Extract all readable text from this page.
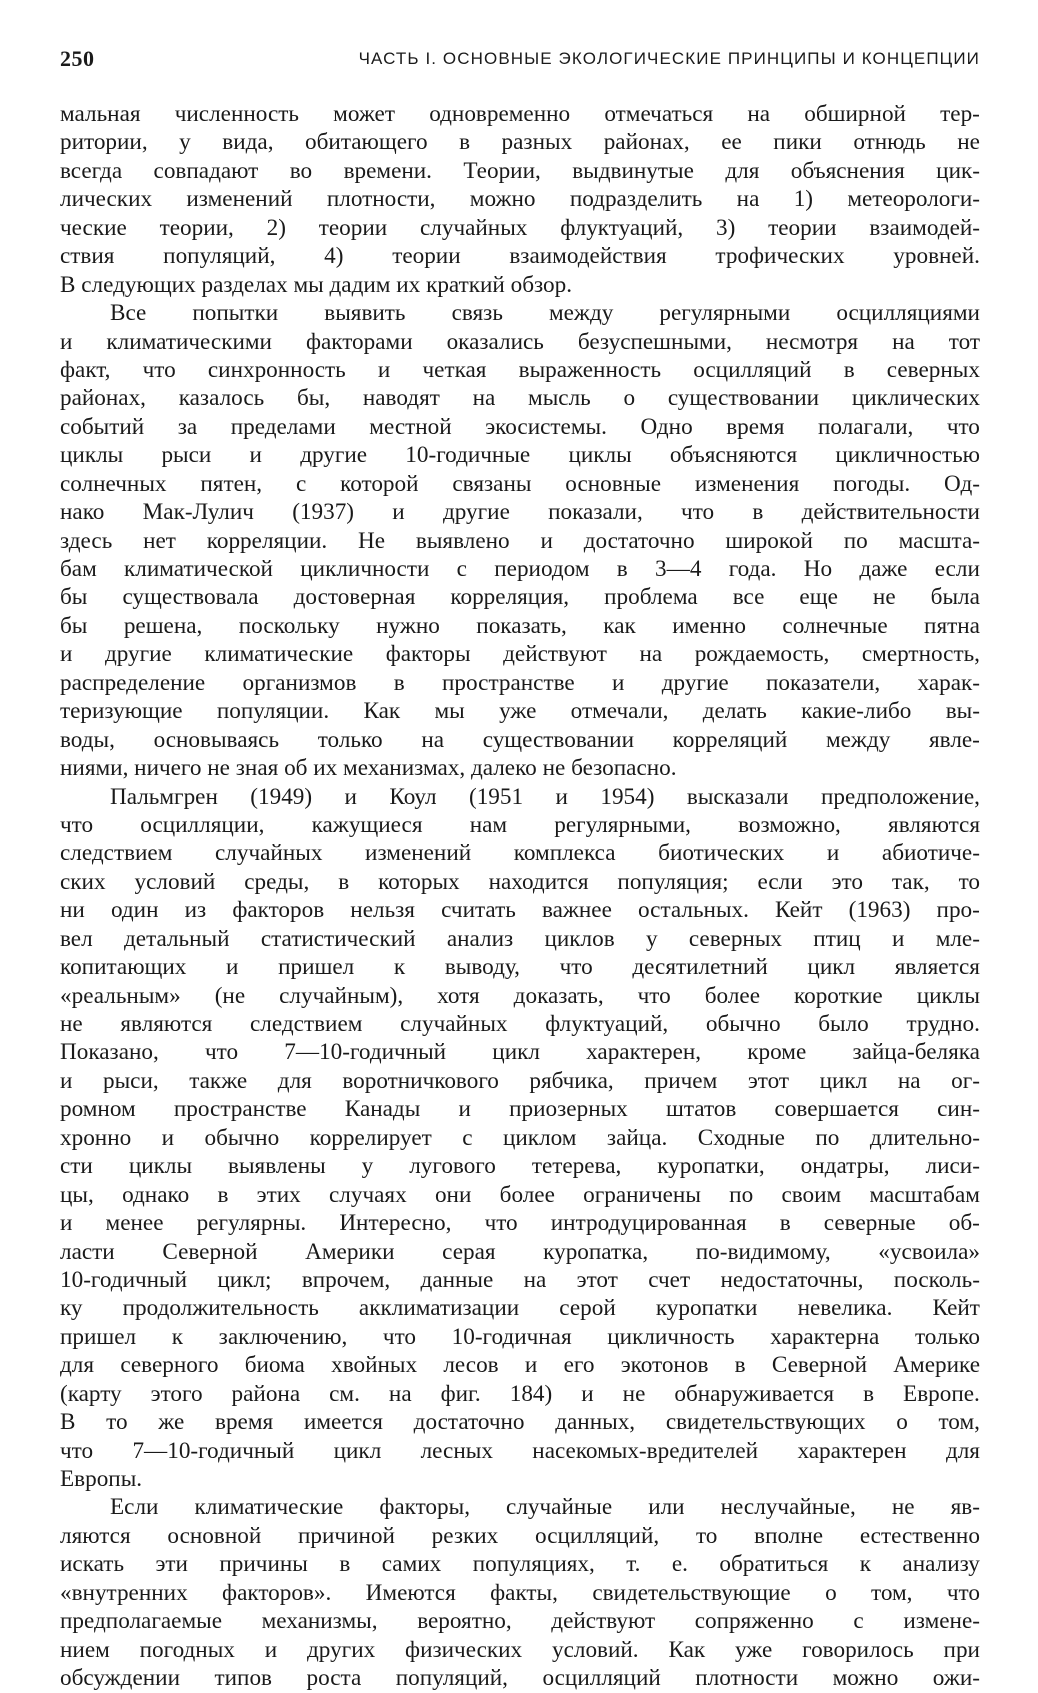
250	ЧАСТЬ I. ОСНОВНЫЕ ЭКОЛОГИЧЕСКИЕ ПРИНЦИПЫ И КОНЦЕПЦИИ
мальная численность может одновременно отмечаться на обширной тер-
ритории, у вида, обитающего в разных районах, ее пики отнюдь не
всегда совпадают во времени. Теории, выдвинутые для объяснения цик-
лических изменений плотности, можно подразделить на 1) метеорологи-
ческие теории, 2) теории случайных флуктуаций, 3) теории взаимодей-
ствия популяций, 4) теории взаимодействия трофических уровней.
В следующих разделах мы дадим их краткий обзор.
Все попытки выявить связь между регулярными осцилляциями
и климатическими факторами оказались безуспешными, несмотря на тот
факт, что синхронность и четкая выраженность осцилляций в северных
районах, казалось бы, наводят на мысль о существовании циклических
событий за пределами местной экосистемы. Одно время полагали, что
циклы рыси и другие 10-годичные циклы объясняются цикличностью
солнечных пятен, с которой связаны основные изменения погоды. Од-
нако Мак-Лулич (1937) и другие показали, что в действительности
здесь нет корреляции. Не выявлено и достаточно широкой по масшта-
бам климатической цикличности с периодом в 3—4 года. Но даже если
бы существовала достоверная корреляция, проблема все еще не была
бы решена, поскольку нужно показать, как именно солнечные пятна
и другие климатические факторы действуют на рождаемость, смертность,
распределение организмов в пространстве и другие показатели, харак-
теризующие популяции. Как мы уже отмечали, делать какие-либо вы-
воды, основываясь только на существовании корреляций между явле-
ниями, ничего не зная об их механизмах, далеко не безопасно.
Пальмгрен (1949) и Коул (1951 и 1954) высказали предположение,
что осцилляции, кажущиеся нам регулярными, возможно, являются
следствием случайных изменений комплекса биотических и абиотиче-
ских условий среды, в которых находится популяция; если это так, то
ни один из факторов нельзя считать важнее остальных. Кейт (1963) про-
вел детальный статистический анализ циклов у северных птиц и мле-
копитающих и пришел к выводу, что десятилетний цикл является
«реальным» (не случайным), хотя доказать, что более короткие циклы
не являются следствием случайных флуктуаций, обычно было трудно.
Показано, что 7—10-годичный цикл характерен, кроме зайца-беляка
и рыси, также для воротничкового рябчика, причем этот цикл на ог-
ромном пространстве Канады и приозерных штатов совершается син-
хронно и обычно коррелирует с циклом зайца. Сходные по длительно-
сти циклы выявлены у лугового тетерева, куропатки, ондатры, лиси-
цы, однако в этих случаях они более ограничены по своим масштабам
и менее регулярны. Интересно, что интродуцированная в северные об-
ласти Северной Америки серая куропатка, по-видимому, «усвоила»
10-годичный цикл; впрочем, данные на этот счет недостаточны, посколь-
ку продолжительность акклиматизации серой куропатки невелика. Кейт
пришел к заключению, что 10-годичная цикличность характерна только
для северного биома хвойных лесов и его экотонов в Северной Америке
(карту этого района см. на фиг. 184) и не обнаруживается в Европе.
В то же время имеется достаточно данных, свидетельствующих о том,
что 7—10-годичный цикл лесных насекомых-вредителей характерен для
Европы.
Если климатические факторы, случайные или неслучайные, не яв-
ляются основной причиной резких осцилляций, то вполне естественно
искать эти причины в самих популяциях, т. е. обратиться к анализу
«внутренних факторов». Имеются факты, свидетельствующие о том, что
предполагаемые механизмы, вероятно, действуют сопряженно с измене-
нием погодных и других физических условий. Как уже говорилось при
обсуждении типов роста популяций, осцилляций плотности можно ожи-
